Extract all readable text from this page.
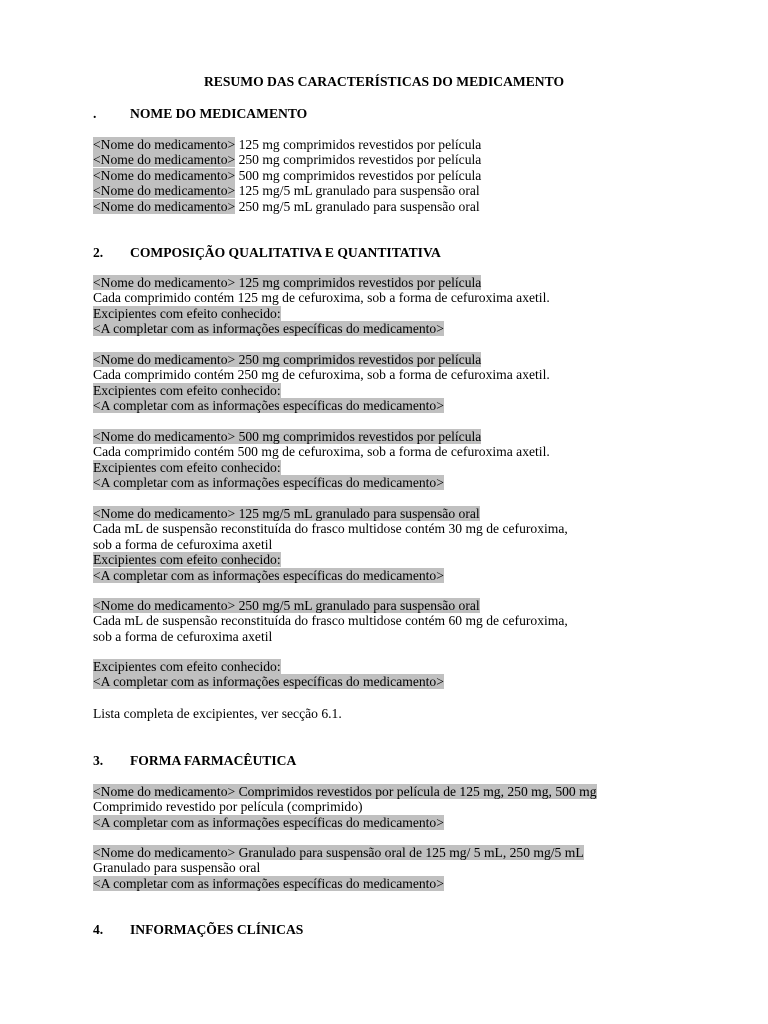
RESUMO DAS CARACTERÍSTICAS DO MEDICAMENTO
. NOME DO MEDICAMENTO
<Nome do medicamento> 125 mg comprimidos revestidos por película
<Nome do medicamento> 250 mg comprimidos revestidos por película
<Nome do medicamento> 500 mg comprimidos revestidos por película
<Nome do medicamento> 125 mg/5 mL granulado para suspensão oral
<Nome do medicamento> 250 mg/5 mL granulado para suspensão oral
2. COMPOSIÇÃO QUALITATIVA E QUANTITATIVA
<Nome do medicamento> 125 mg comprimidos revestidos por película
Cada comprimido contém 125 mg de cefuroxima, sob a forma de cefuroxima axetil.
Excipientes com efeito conhecido:
<A completar com as informações específicas do medicamento>
<Nome do medicamento> 250 mg comprimidos revestidos por película
Cada comprimido contém 250 mg de cefuroxima, sob a forma de cefuroxima axetil.
Excipientes com efeito conhecido:
<A completar com as informações específicas do medicamento>
<Nome do medicamento> 500 mg comprimidos revestidos por película
Cada comprimido contém 500 mg de cefuroxima, sob a forma de cefuroxima axetil.
Excipientes com efeito conhecido:
<A completar com as informações específicas do medicamento>
<Nome do medicamento> 125 mg/5 mL granulado para suspensão oral
Cada mL de suspensão reconstituída do frasco multidose contém 30 mg de cefuroxima,
sob a forma de cefuroxima axetil
Excipientes com efeito conhecido:
<A completar com as informações específicas do medicamento>
<Nome do medicamento> 250 mg/5 mL granulado para suspensão oral
Cada mL de suspensão reconstituída do frasco multidose contém 60 mg de cefuroxima,
sob a forma de cefuroxima axetil
Excipientes com efeito conhecido:
<A completar com as informações específicas do medicamento>
Lista completa de excipientes, ver secção 6.1.
3. FORMA FARMACÊUTICA
<Nome do medicamento> Comprimidos revestidos por película de 125 mg, 250 mg, 500 mg
Comprimido revestido por película (comprimido)
<A completar com as informações específicas do medicamento>
<Nome do medicamento> Granulado para suspensão oral de 125 mg/ 5 mL, 250 mg/5 mL
Granulado para suspensão oral
<A completar com as informações específicas do medicamento>
4. INFORMAÇÕES CLÍNICAS
